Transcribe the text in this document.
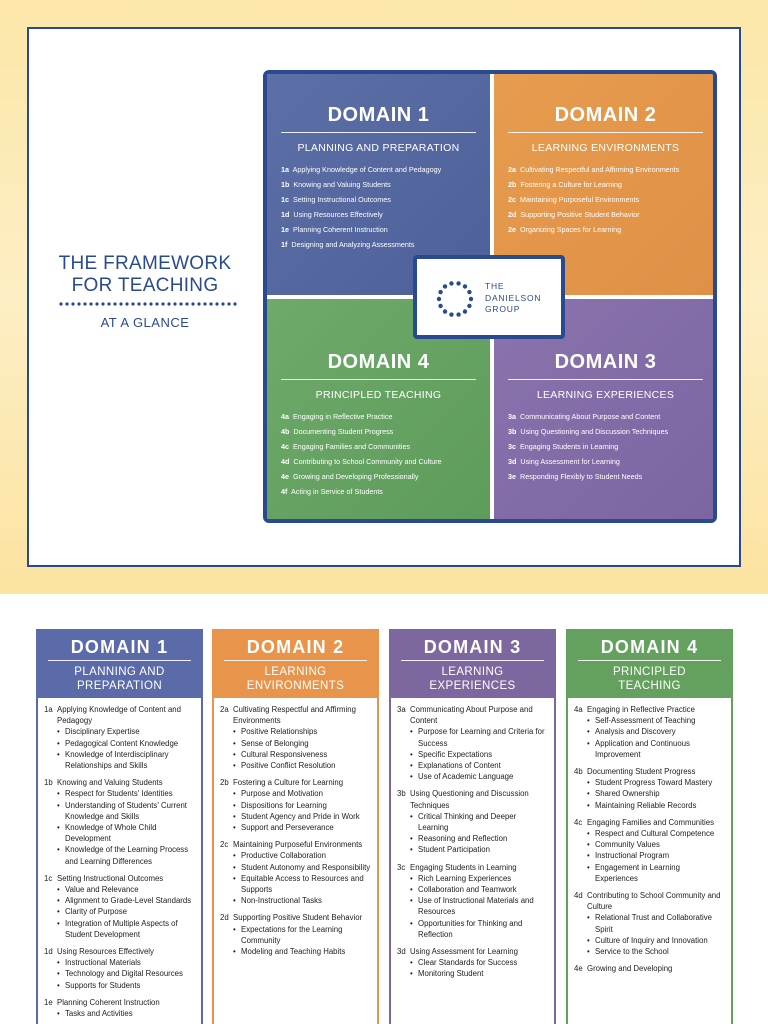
THE FRAMEWORK
FOR TEACHING
AT A GLANCE
DOMAIN 1
PLANNING AND PREPARATION
1a Applying Knowledge of Content and Pedagogy
1b Knowing and Valuing Students
1c Setting Instructional Outcomes
1d Using Resources Effectively
1e Planning Coherent Instruction
1f Designing and Analyzing Assessments
DOMAIN 2
LEARNING ENVIRONMENTS
2a Cultivating Respectful and Affirming Environments
2b Fostering a Culture for Learning
2c Maintaining Purposeful Environments
2d Supporting Positive Student Behavior
2e Organizing Spaces for Learning
DOMAIN 4
PRINCIPLED TEACHING
4a Engaging in Reflective Practice
4b Documenting Student Progress
4c Engaging Families and Communities
4d Contributing to School Community and Culture
4e Growing and Developing Professionally
4f Acting in Service of Students
DOMAIN 3
LEARNING EXPERIENCES
3a Communicating About Purpose and Content
3b Using Questioning and Discussion Techniques
3c Engaging Students in Learning
3d Using Assessment for Learning
3e Responding Flexibly to Student Needs
THE
DANIELSON
GROUP
DOMAIN 1
PLANNING AND
PREPARATION
1a Applying Knowledge of Content and Pedagogy
• Disciplinary Expertise
• Pedagogical Content Knowledge
• Knowledge of Interdisciplinary Relationships and Skills
1b Knowing and Valuing Students
• Respect for Students' Identities
• Understanding of Students' Current Knowledge and Skills
• Knowledge of Whole Child Development
• Knowledge of the Learning Process and Learning Differences
1c Setting Instructional Outcomes
• Value and Relevance
• Alignment to Grade-Level Standards
• Clarity of Purpose
• Integration of Multiple Aspects of Student Development
1d Using Resources Effectively
• Instructional Materials
• Technology and Digital Resources
• Supports for Students
1e Planning Coherent Instruction
• Tasks and Activities
DOMAIN 2
LEARNING
ENVIRONMENTS
2a Cultivating Respectful and Affirming Environments
• Positive Relationships
• Sense of Belonging
• Cultural Responsiveness
• Positive Conflict Resolution
2b Fostering a Culture for Learning
• Purpose and Motivation
• Dispositions for Learning
• Student Agency and Pride in Work
• Support and Perseverance
2c Maintaining Purposeful Environments
• Productive Collaboration
• Student Autonomy and Responsibility
• Equitable Access to Resources and Supports
• Non-Instructional Tasks
2d Supporting Positive Student Behavior
• Expectations for the Learning Community
• Modeling and Teaching Habits
DOMAIN 3
LEARNING
EXPERIENCES
3a Communicating About Purpose and Content
• Purpose for Learning and Criteria for Success
• Specific Expectations
• Explanations of Content
• Use of Academic Language
3b Using Questioning and Discussion Techniques
• Critical Thinking and Deeper Learning
• Reasoning and Reflection
• Student Participation
3c Engaging Students in Learning
• Rich Learning Experiences
• Collaboration and Teamwork
• Use of Instructional Materials and Resources
• Opportunities for Thinking and Reflection
3d Using Assessment for Learning
• Clear Standards for Success
• Monitoring Student
DOMAIN 4
PRINCIPLED
TEACHING
4a Engaging in Reflective Practice
• Self-Assessment of Teaching
• Analysis and Discovery
• Application and Continuous Improvement
4b Documenting Student Progress
• Student Progress Toward Mastery
• Shared Ownership
• Maintaining Reliable Records
4c Engaging Families and Communities
• Respect and Cultural Competence
• Community Values
• Instructional Program
• Engagement in Learning Experiences
4d Contributing to School Community and Culture
• Relational Trust and Collaborative Spirit
• Culture of Inquiry and Innovation
• Service to the School
4e Growing and Developing
